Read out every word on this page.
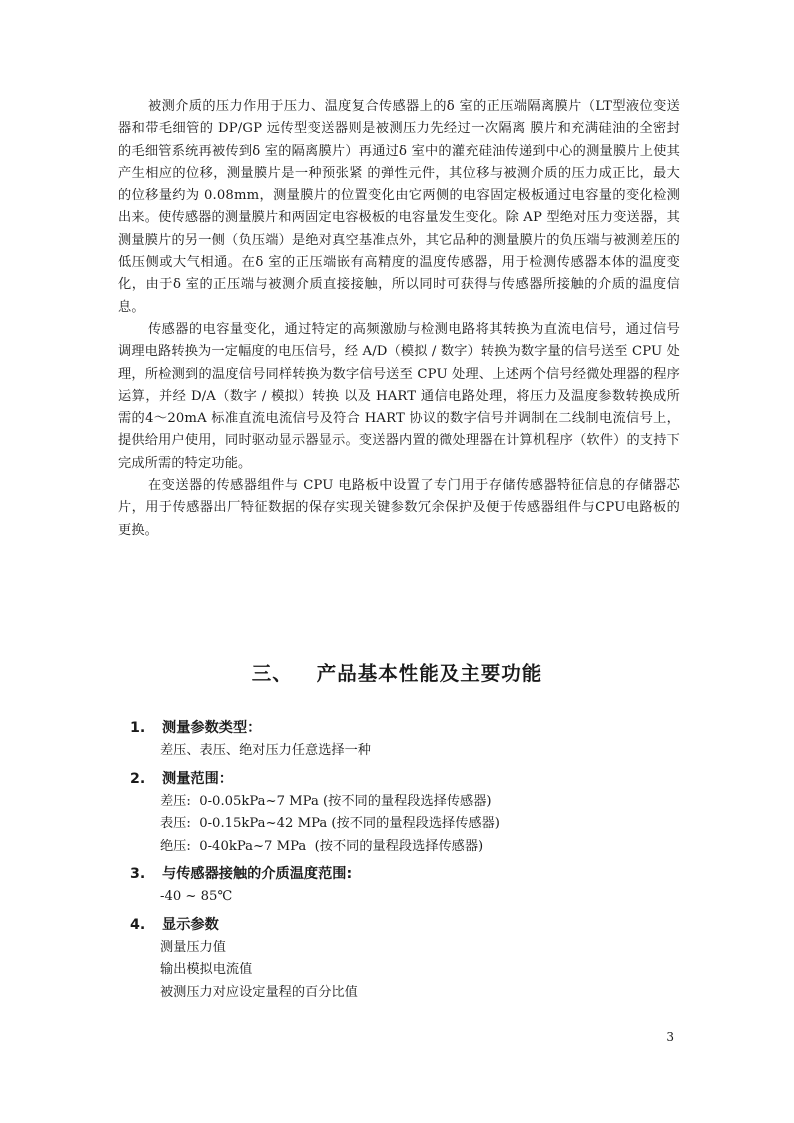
被测介质的压力作用于压力、温度复合传感器上的δ 室的正压端隔离膜片（LT型液位变送器和带毛细管的 DP/GP 远传型变送器则是被测压力先经过一次隔离 膜片和充满硅油的全密封的毛细管系统再被传到δ 室的隔离膜片）再通过δ 室中的灌充硅油传递到中心的测量膜片上使其产生相应的位移，测量膜片是一种预张紧 的弹性元件，其位移与被测介质的压力成正比，最大的位移量约为 0.08mm，测量膜片的位置变化由它两侧的电容固定极板通过电容量的变化检测出来。使传感器的测量膜片和两固定电容极板的电容量发生变化。除 AP 型绝对压力变送器，其测量膜片的另一侧（负压端）是绝对真空基准点外，其它品种的测量膜片的负压端与被测差压的低压侧或大气相通。在δ 室的正压端嵌有高精度的温度传感器，用于检测传感器本体的温度变化，由于δ 室的正压端与被测介质直接接触，所以同时可获得与传感器所接触的介质的温度信息。

传感器的电容量变化，通过特定的高频激励与检测电路将其转换为直流电信号，通过信号调理电路转换为一定幅度的电压信号，经 A/D（模拟 / 数字）转换为数字量的信号送至 CPU 处理，所检测到的温度信号同样转换为数字信号送至 CPU 处理、上述两个信号经微处理器的程序运算，并经 D/A（数字 / 模拟）转换 以及 HART 通信电路处理，将压力及温度参数转换成所需的4～20mA 标准直流电流信号及符合 HART 协议的数字信号并调制在二线制电流信号上，提供给用户使用，同时驱动显示器显示。变送器内置的微处理器在计算机程序（软件）的支持下完成所需的特定功能。

在变送器的传感器组件与 CPU 电路板中设置了专门用于存储传感器特征信息的存储器芯片，用于传感器出厂特征数据的保存实现关键参数冗余保护及便于传感器组件与CPU电路板的更换。

三、 产品基本性能及主要功能
1. 测量参数类型：
差压、表压、绝对压力任意选择一种
2. 测量范围：
差压:  0-0.05kPa~7 MPa (按不同的量程段选择传感器)
表压:  0-0.15kPa~42 MPa (按不同的量程段选择传感器)
绝压:  0-40kPa~7 MPa  (按不同的量程段选择传感器)
3. 与传感器接触的介质温度范围:
-40 ~ 85℃
4. 显示参数
测量压力值
输出模拟电流值
被测压力对应设定量程的百分比值
3
